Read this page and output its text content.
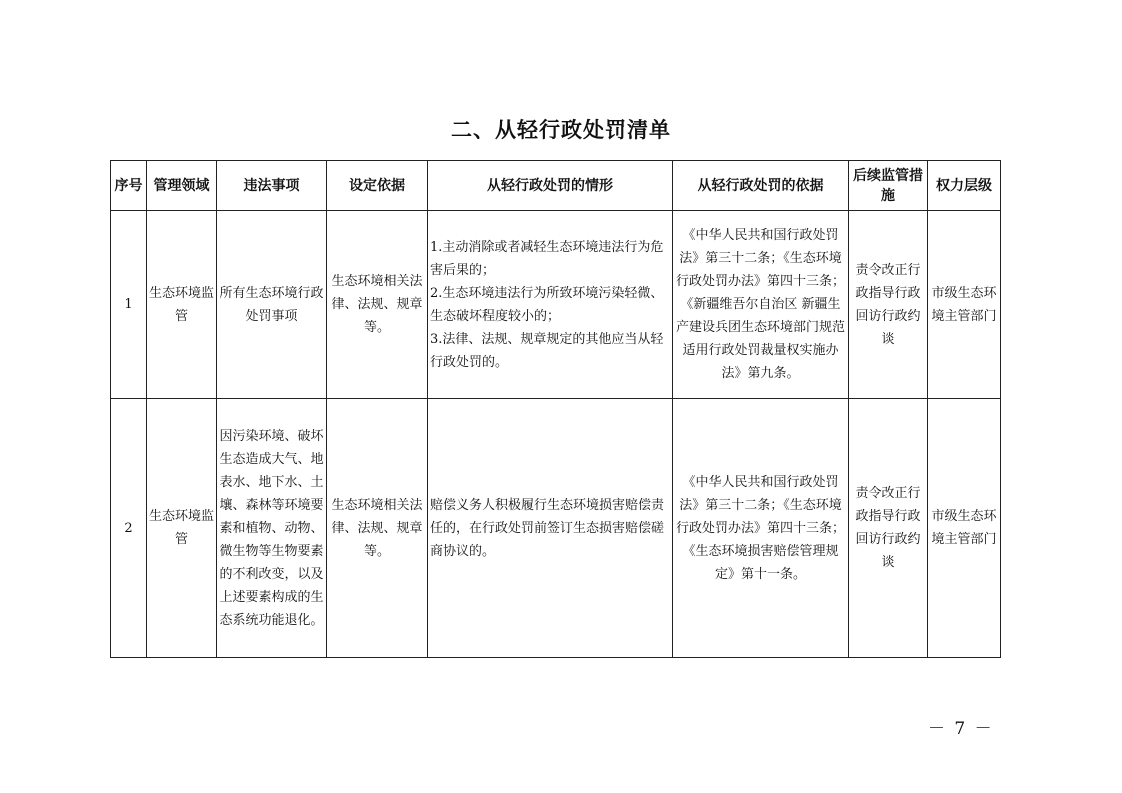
二、从轻行政处罚清单
序号	管理领域	违法事项	设定依据	从轻行政处罚的情形	从轻行政处罚的依据	后续监管措施	权力层级
1	生态环境监管	所有生态环境行政处罚事项	生态环境相关法律、法规、规章等。	1.主动消除或者减轻生态环境违法行为危害后果的；
2.生态环境违法行为所致环境污染轻微、生态破坏程度较小的；
3.法律、法规、规章规定的其他应当从轻行政处罚的。	《中华人民共和国行政处罚法》第三十二条；《生态环境行政处罚办法》第四十三条；《新疆维吾尔自治区 新疆生产建设兵团生态环境部门规范适用行政处罚裁量权实施办法》第九条。	责令改正行政指导行政回访行政约谈	市级生态环境主管部门
2	生态环境监管	因污染环境、破坏生态造成大气、地表水、地下水、土壤、森林等环境要素和植物、动物、微生物等生物要素的不利改变，以及上述要素构成的生态系统功能退化。	生态环境相关法律、法规、规章等。	赔偿义务人积极履行生态环境损害赔偿责任的，在行政处罚前签订生态损害赔偿磋商协议的。	《中华人民共和国行政处罚法》第三十二条；《生态环境行政处罚办法》第四十三条；《生态环境损害赔偿管理规定》第十一条。	责令改正行政指导行政回访行政约谈	市级生态环境主管部门
－ 7 －
